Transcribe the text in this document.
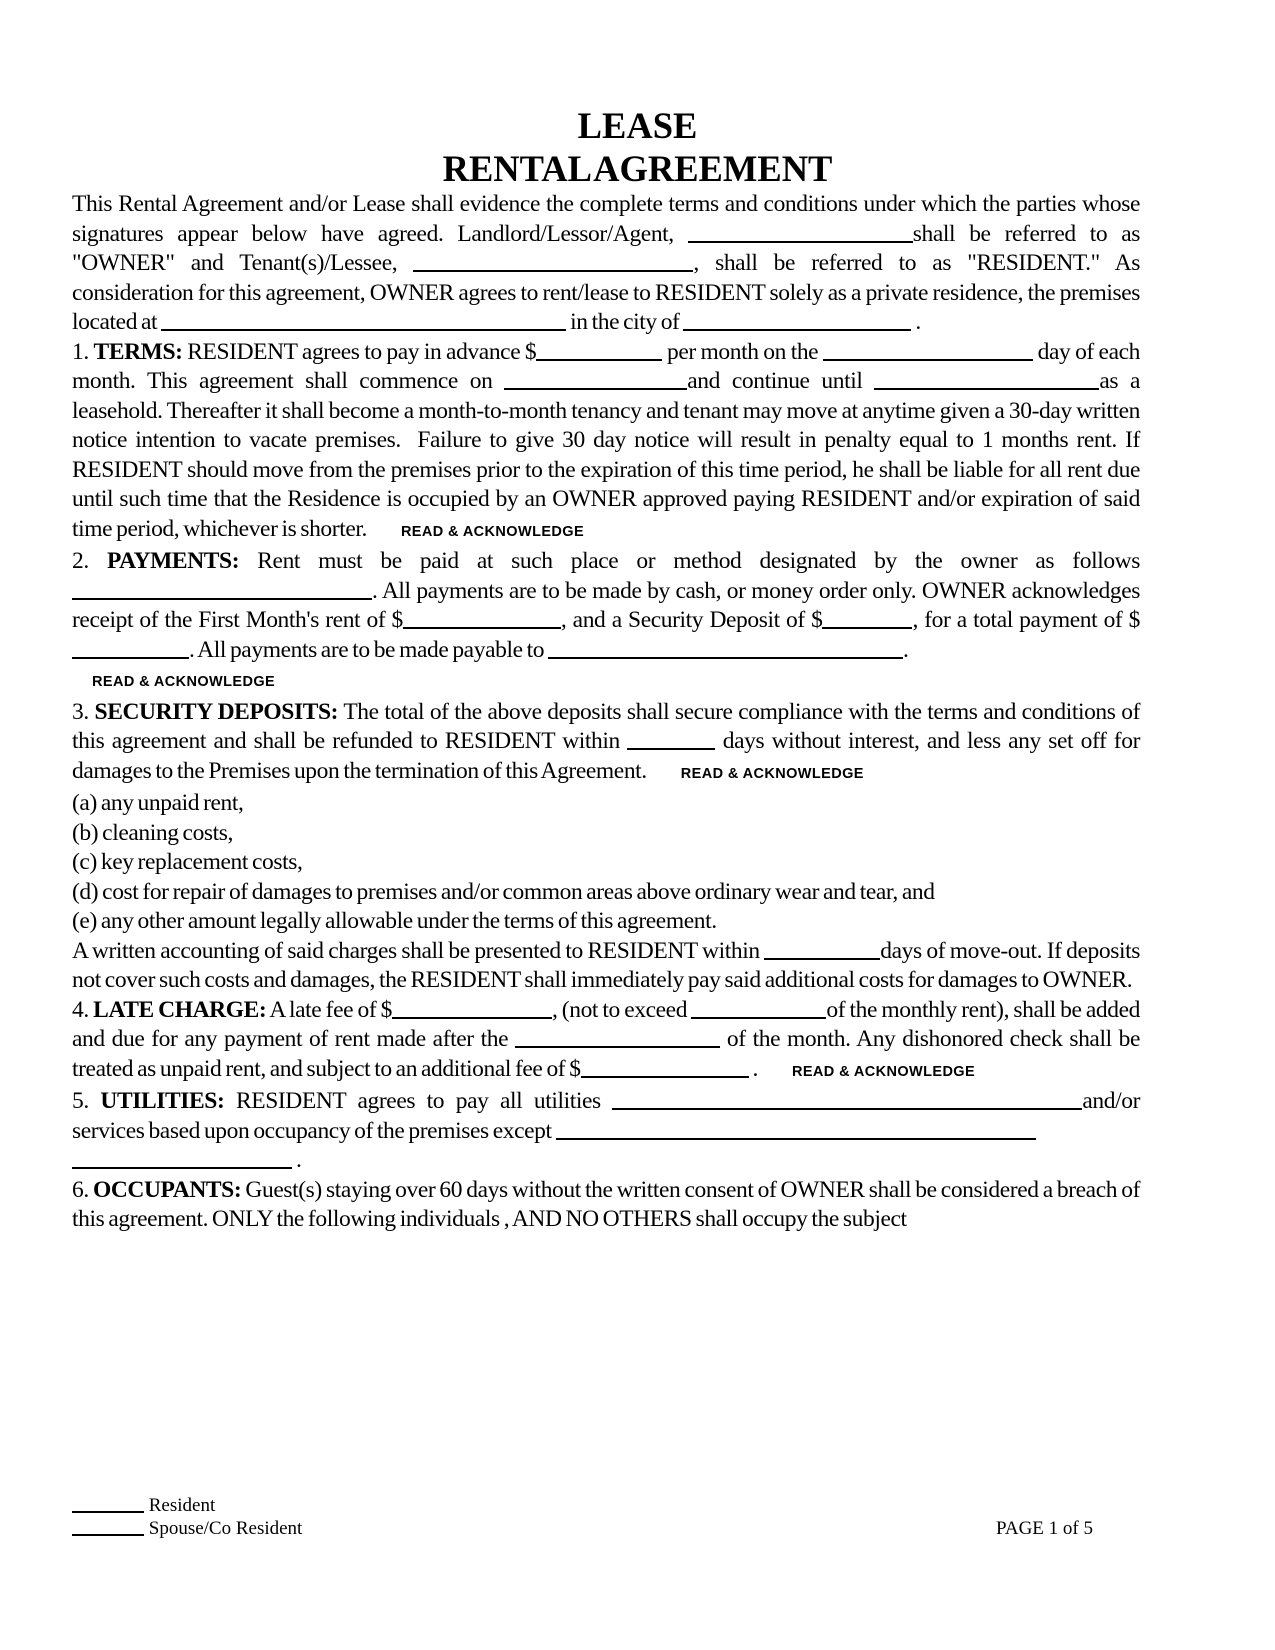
LEASE
RENTAL AGREEMENT

This Rental Agreement and/or Lease shall evidence the complete terms and conditions under which the parties whose signatures appear below have agreed. Landlord/Lessor/Agent,	shall be referred to as "OWNER" and Tenant(s)/Lessee,	, shall be referred to as "RESIDENT." As consideration for this agreement, OWNER agrees to rent/lease to RESIDENT solely as a private residence, the premises located at	in the city of	.

1. TERMS: RESIDENT agrees to pay in advance $	per month on the	day of each month. This agreement shall commence on	and continue until	as a leasehold. Thereafter it shall become a month-to-month tenancy and tenant may move at anytime given a 30-day written notice intention to vacate premises.  Failure to give 30 day notice will result in penalty equal to 1 months rent. If RESIDENT should move from the premises prior to the expiration of this time period, he shall be liable for all rent due until such time that the Residence is occupied by an OWNER approved paying RESIDENT and/or expiration of said time period, whichever is shorter. READ & ACKNOWLEDGE

2. PAYMENTS: Rent must be paid at such place or method designated by the owner as follows . All payments are to be made by cash, or money order only. OWNER acknowledges receipt of the First Month's rent of $	, and a Security Deposit of $	, for a total payment of $. All payments are to be made payable to	.

READ & ACKNOWLEDGE

3. SECURITY DEPOSITS: The total of the above deposits shall secure compliance with the terms and conditions of this agreement and shall be refunded to RESIDENT within	days without interest, and less any set off for damages to the Premises upon the termination of this Agreement. READ & ACKNOWLEDGE

(a) any unpaid rent,

(b) cleaning costs,

(c) key replacement costs,

(d) cost for repair of damages to premises and/or common areas above ordinary wear and tear, and

(e) any other amount legally allowable under the terms of this agreement.

A written accounting of said charges shall be presented to RESIDENT within	days of move-out. If deposits not cover such costs and damages, the RESIDENT shall immediately pay said additional costs for damages to OWNER.

4. LATE CHARGE: A late fee of $	, (not to exceed	of the monthly rent), shall be added and due for any payment of rent made after the	of the month. Any dishonored check shall be treated as unpaid rent, and subject to an additional fee of $	. READ & ACKNOWLEDGE

5. UTILITIES: RESIDENT agrees to pay all utilities	and/or services based upon occupancy of the premises except

.

6. OCCUPANTS: Guest(s) staying over 60 days without the written consent of OWNER shall be considered a breach of this agreement. ONLY the following individuals , AND NO OTHERS shall occupy the subject

Resident

Spouse/Co Resident	PAGE 1 of 5
